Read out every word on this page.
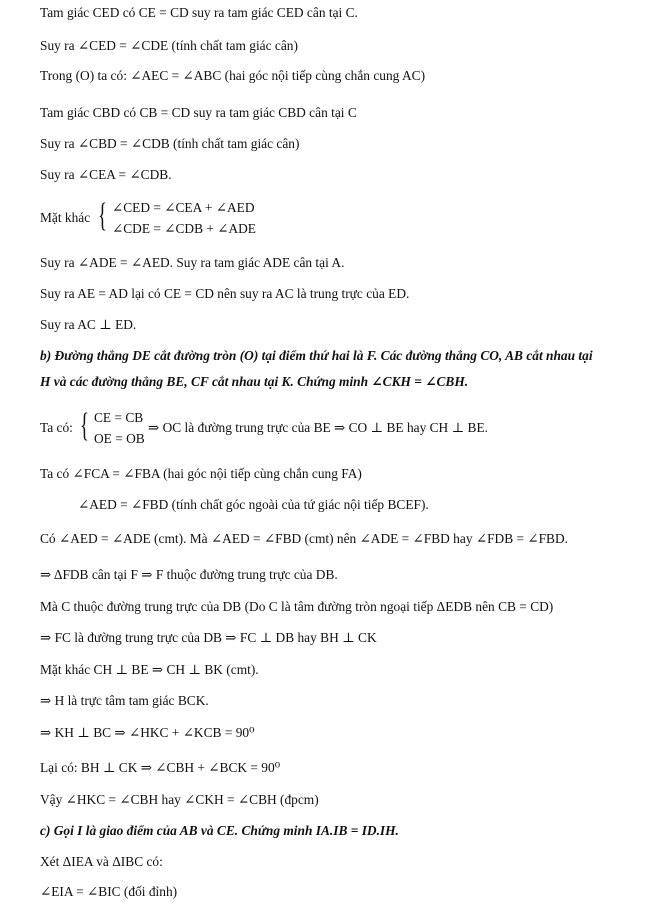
Tam giác CED có CE = CD suy ra tam giác CED cân tại C.
Suy ra ∠CED = ∠CDE (tính chất tam giác cân)
Trong (O) ta có: ∠AEC = ∠ABC (hai góc nội tiếp cùng chắn cung AC)
Tam giác CBD có CB = CD suy ra tam giác CBD cân tại C
Suy ra ∠CBD = ∠CDB (tính chất tam giác cân)
Suy ra ∠CEA = ∠CDB.
Mặt khác { ∠CED = ∠CEA + ∠AED
∠CDE = ∠CDB + ∠ADE
Suy ra ∠ADE = ∠AED. Suy ra tam giác ADE cân tại A.
Suy ra AE = AD lại có CE = CD nên suy ra AC là trung trực của ED.
Suy ra AC ⊥ ED.
b) Đường thẳng DE cắt đường tròn (O) tại điểm thứ hai là F. Các đường thẳng CO, AB cắt nhau tại
H và các đường thẳng BE, CF cắt nhau tại K. Chứng minh ∠CKH = ∠CBH.
Ta có: { CE = CB
OE = OB
⇒ OC là đường trung trực của BE ⇒ CO ⊥ BE hay CH ⊥ BE.
Ta có ∠FCA = ∠FBA (hai góc nội tiếp cùng chắn cung FA)
∠AED = ∠FBD (tính chất góc ngoài của tứ giác nội tiếp BCEF).
Có ∠AED = ∠ADE (cmt). Mà ∠AED = ∠FBD (cmt) nên ∠ADE = ∠FBD hay ∠FDB = ∠FBD.
⇒ ΔFDB cân tại F ⇒ F thuộc đường trung trực của DB.
Mà C thuộc đường trung trực của DB (Do C là tâm đường tròn ngoại tiếp ΔEDB nên CB = CD)
⇒ FC là đường trung trực của DB ⇒ FC ⊥ DB hay BH ⊥ CK
Mặt khác CH ⊥ BE ⇒ CH ⊥ BK (cmt).
⇒ H là trực tâm tam giác BCK.
⇒ KH ⊥ BC ⇒ ∠HKC + ∠KCB = 90⁰
Lại có: BH ⊥ CK ⇒ ∠CBH + ∠BCK = 90⁰
Vậy ∠HKC = ∠CBH hay ∠CKH = ∠CBH (đpcm)
c) Gọi I là giao điểm của AB và CE. Chứng minh IA.IB = ID.IH.
Xét ΔIEA và ΔIBC có:
∠EIA = ∠BIC (đối đỉnh)
